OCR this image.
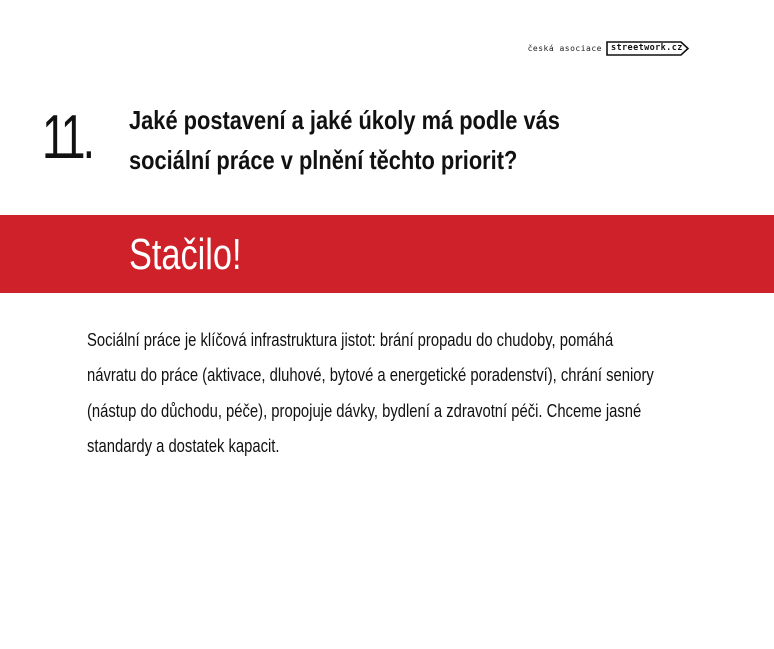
česká asociace streetwork.cz
11. Jaké postavení a jaké úkoly má podle vás
sociální práce v plnění těchto priorit?
Stačilo!
Sociální práce je klíčová infrastruktura jistot: brání propadu do chudoby, pomáhá
návratu do práce (aktivace, dluhové, bytové a energetické poradenství), chrání seniory
(nástup do důchodu, péče), propojuje dávky, bydlení a zdravotní péči. Chceme jasné
standardy a dostatek kapacit.
